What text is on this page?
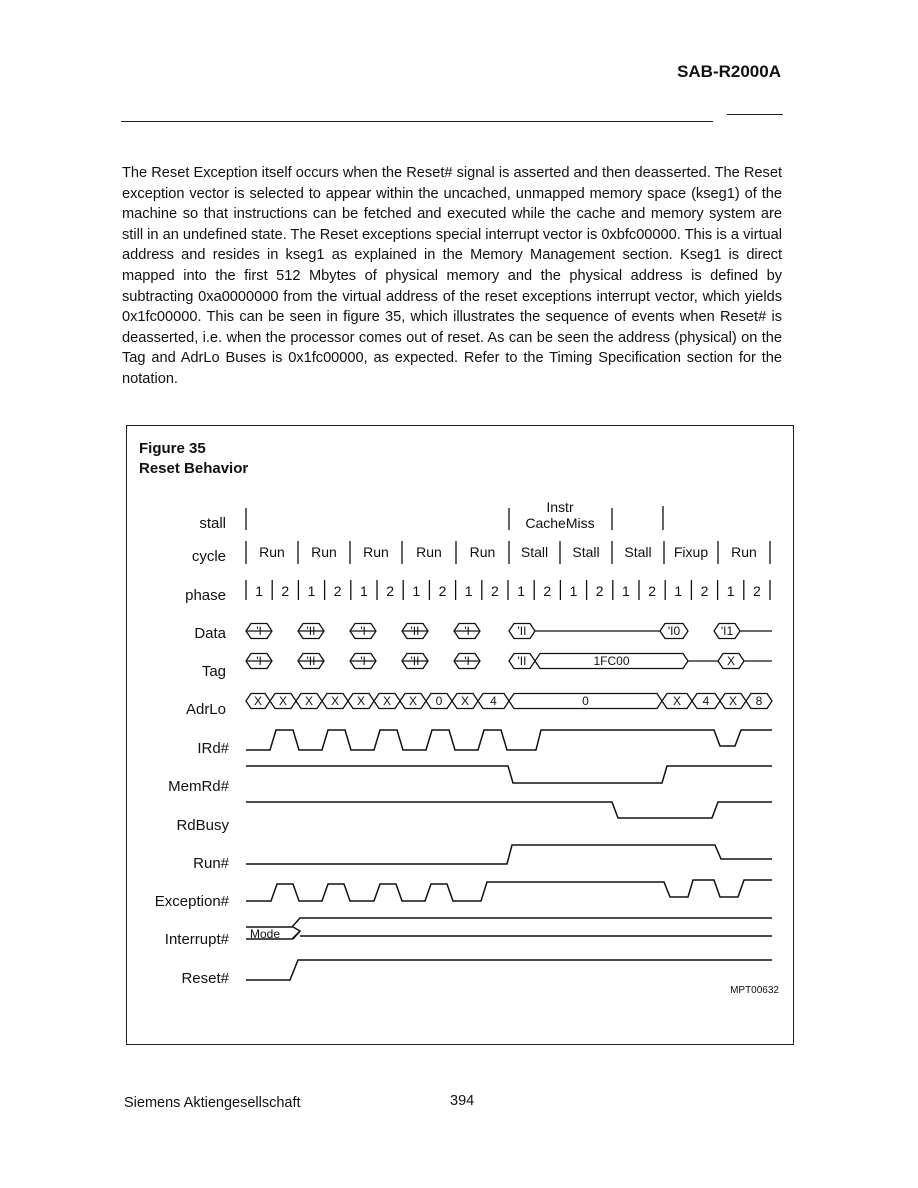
SAB-R2000A
The Reset Exception itself occurs when the Reset# signal is asserted and then deasserted. The Reset exception vector is selected to appear within the uncached, unmapped memory space (kseg1) of the machine so that instructions can be fetched and executed while the cache and memory system are still in an undefined state. The Reset exceptions special interrupt vector is 0xbfc00000. This is a virtual address and resides in kseg1 as explained in the Memory Management section. Kseg1 is direct mapped into the first 512 Mbytes of physical memory and the physical address is defined by subtracting 0xa0000000 from the virtual address of the reset exceptions interrupt vector, which yields 0x1fc00000. This can be seen in figure 35, which illustrates the sequence of events when Reset# is deasserted, i.e. when the processor comes out of reset. As can be seen the address (physical) on the Tag and AdrLo Buses is 0x1fc00000, as expected. Refer to the Timing Specification section for the notation.
Figure 35
Reset Behavior
stall
cycle
phase
Data
Tag
AdrLo
IRd#
MemRd#
RdBusy
Run#
Exception#
Interrupt#
Reset#
Instr
CacheMiss
Run Run Run Run Run Stall Stall Stall Fixup Run
1 2 1 2 1 2 1 2 1 2 1 2 1 2 1 2 1 2 1 2
'I	'II	'I	'II	'I	'II	'I0	'I1
'I	'II	'I	'II	'I	'II	1FC00	X
X X X X X X X 0 X 4	0	X 4 X 8
Mode
MPT00632
Siemens Aktiengesellschaft	394
